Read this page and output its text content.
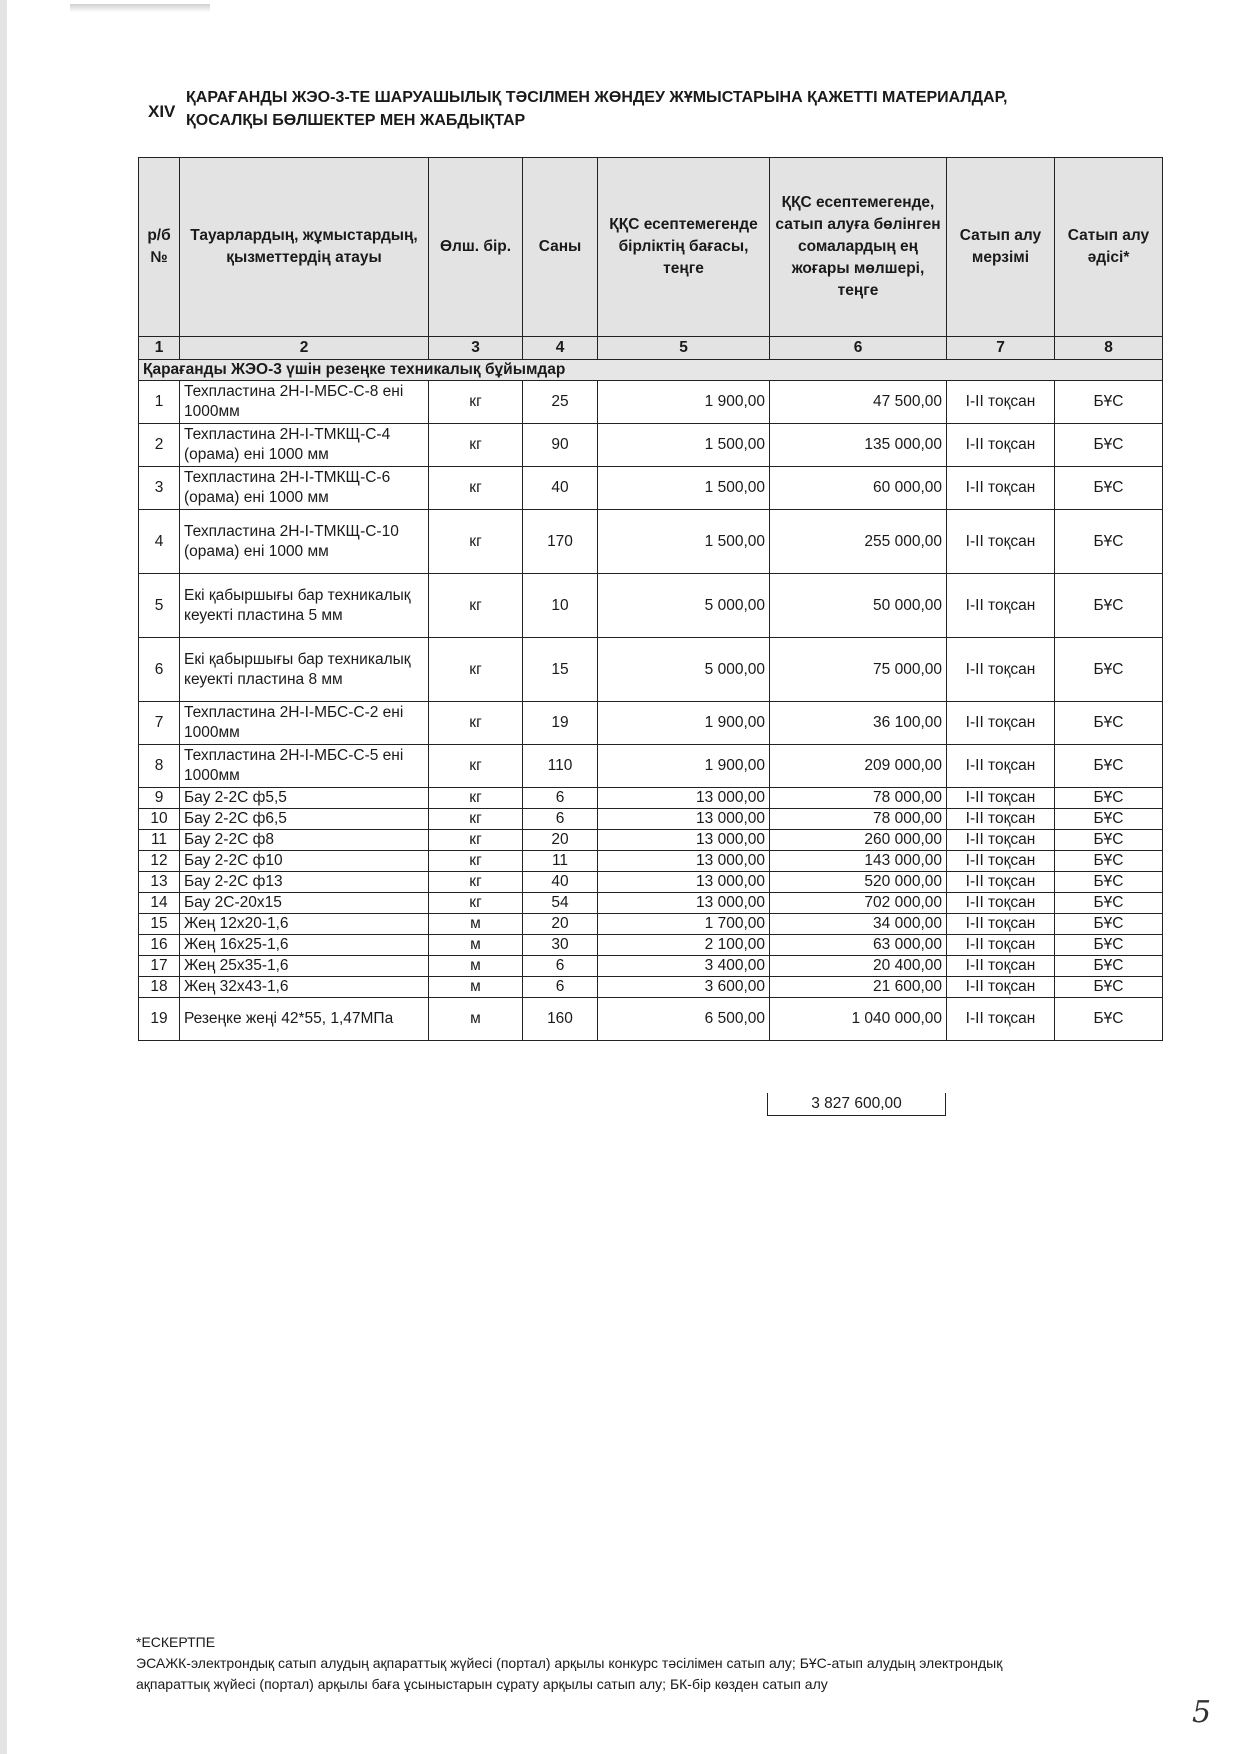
XIV
ҚАРАҒАНДЫ ЖЭО-3-ТЕ ШАРУАШЫЛЫҚ ТӘСІЛМЕН ЖӨНДЕУ ЖҰМЫСТАРЫНА ҚАЖЕТТІ МАТЕРИАЛДАР,
ҚОСАЛҚЫ БӨЛШЕКТЕР МЕН ЖАБДЫҚТАР
р/б №	Тауарлардың, жұмыстардың, қызметтердің атауы	Өлш. бір.	Саны	ҚҚС есептемегенде бірліктің бағасы, теңге	ҚҚС есептемегенде, сатып алуға бөлінген сомалардың ең жоғары мөлшері, теңге	Сатып алу мерзімі	Сатып алу әдісі*
1	2	3	4	5	6	7	8
Қарағанды ЖЭО-3 үшін резеңке техникалық бұйымдар							
1	Техпластина 2Н-I-МБС-С-8 ені 1000мм	кг	25	1 900,00	47 500,00	I-II тоқсан	БҰС
2	Техпластина 2Н-I-ТМКЩ-С-4 (орама) ені 1000 мм	кг	90	1 500,00	135 000,00	I-II тоқсан	БҰС
3	Техпластина 2Н-I-ТМКЩ-С-6 (орама) ені 1000 мм	кг	40	1 500,00	60 000,00	I-II тоқсан	БҰС
4	Техпластина 2Н-I-ТМКЩ-С-10 (орама) ені 1000 мм	кг	170	1 500,00	255 000,00	I-II тоқсан	БҰС
5	Екі қабыршығы бар техникалық кеуекті пластина 5 мм	кг	10	5 000,00	50 000,00	I-II тоқсан	БҰС
6	Екі қабыршығы бар техникалық кеуекті пластина 8 мм	кг	15	5 000,00	75 000,00	I-II тоқсан	БҰС
7	Техпластина 2Н-I-МБС-С-2 ені 1000мм	кг	19	1 900,00	36 100,00	I-II тоқсан	БҰС
8	Техпластина 2Н-I-МБС-С-5 ені 1000мм	кг	110	1 900,00	209 000,00	I-II тоқсан	БҰС
9	Бау 2-2С ф5,5	кг	6	13 000,00	78 000,00	I-II тоқсан	БҰС
10	Бау 2-2С ф6,5	кг	6	13 000,00	78 000,00	I-II тоқсан	БҰС
11	Бау 2-2С ф8	кг	20	13 000,00	260 000,00	I-II тоқсан	БҰС
12	Бау 2-2С ф10	кг	11	13 000,00	143 000,00	I-II тоқсан	БҰС
13	Бау 2-2С ф13	кг	40	13 000,00	520 000,00	I-II тоқсан	БҰС
14	Бау 2С-20х15	кг	54	13 000,00	702 000,00	I-II тоқсан	БҰС
15	Жең 12х20-1,6	м	20	1 700,00	34 000,00	I-II тоқсан	БҰС
16	Жең 16х25-1,6	м	30	2 100,00	63 000,00	I-II тоқсан	БҰС
17	Жең 25х35-1,6	м	6	3 400,00	20 400,00	I-II тоқсан	БҰС
18	Жең 32х43-1,6	м	6	3 600,00	21 600,00	I-II тоқсан	БҰС
19	Резеңке жеңі 42*55, 1,47МПа	м	160	6 500,00	1 040 000,00	I-II тоқсан	БҰС
3 827 600,00
*ЕСКЕРТПЕ
ЭСАЖК-электрондық сатып алудың ақпараттық жүйесі (портал) арқылы конкурс тәсілімен сатып алу; БҰС-атып алудың электрондық
ақпараттық жүйесі (портал) арқылы баға ұсыныстарын сұрату арқылы сатып алу; БК-бір көзден сатып алу
5
